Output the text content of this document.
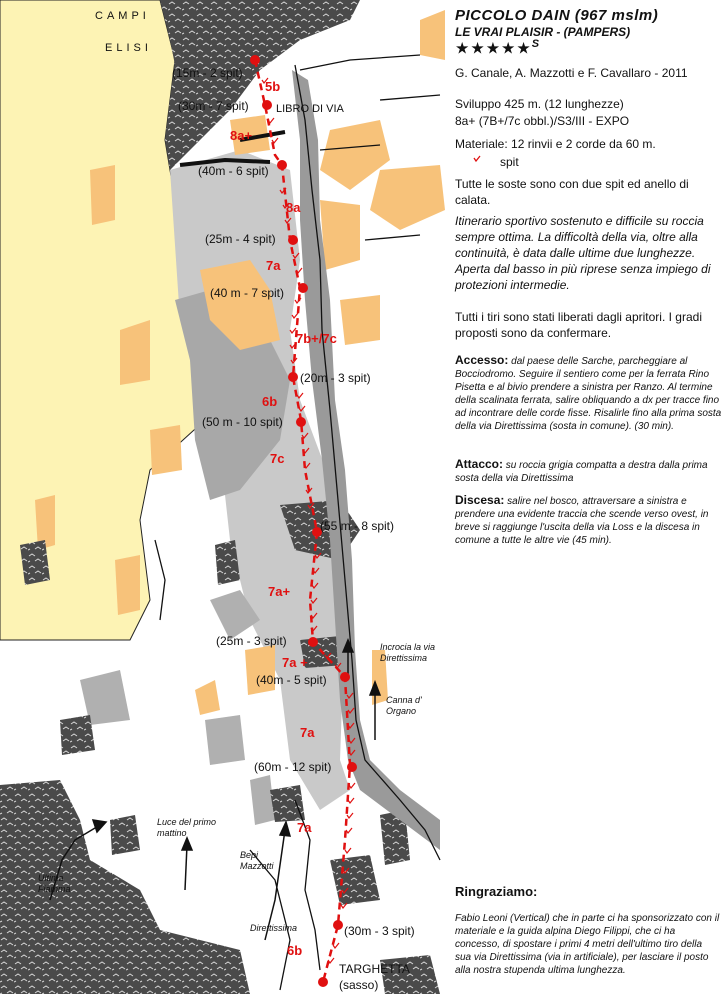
CAMPI
ELISI
LIBRO DI VIA
(15m - 2 spit)
(30m - 7 spit)
(40m - 6 spit)
(25m - 4 spit)
(40 m - 7 spit)
(20m - 3 spit)
(50 m - 10 spit)
(55 m - 8 spit)
(25m - 3 spit)
(40m - 5 spit)
(60m - 12 spit)
(30m - 3 spit)
TARGHETTA
(sasso)
5b
8a+
8a
7a
7b+/7c
6b
7c
7a+
7a +
7a
7a
6b
Incrocia la via Direttissima
Canna d' Organo
Luce del primo mattino
Bepi Mazzotti
Ultima Fiamma
Direttissima
PICCOLO DAIN (967 mslm)
LE VRAI PLAISIR - (PAMPERS)
★★★★★$^S$
G. Canale, A. Mazzotti e F. Cavallaro - 2011
Sviluppo 425 m. (12 lunghezze)
8a+ (7B+/7c obbl.)/S3/III - EXPO
Materiale: 12 rinvii e 2 corde da 60 m.
spit
Tutte le soste sono con due spit ed anello di calata.
Itinerario sportivo sostenuto e difficile su roccia sempre ottima. La difficoltà della via, oltre alla continuità, è data dalle ultime due lunghezze. Aperta dal basso in più riprese senza impiego di protezioni intermedie.
Tutti i tiri sono stati liberati dagli apritori. I gradi proposti sono da confermare.
Accesso: dal paese delle Sarche, parcheggiare al Bocciodromo. Seguire il sentiero come per la ferrata Rino Pisetta e al bivio prendere a sinistra per Ranzo. Al termine della scalinata ferrata, salire obliquando a dx per tracce fino ad incontrare delle corde fisse. Risalirle fino alla prima sosta della via Direttissima (sosta in comune). (30 min).
Attacco: su roccia grigia compatta a destra dalla prima sosta della via Direttissima
Discesa: salire nel bosco, attraversare a sinistra e prendere una evidente traccia che scende verso ovest, in breve si raggiunge l'uscita della via Loss e la discesa in comune a tutte le altre vie (45 min).
Ringraziamo:
Fabio Leoni (Vertical) che in parte ci ha sponsorizzato con il materiale e la guida alpina Diego Filippi, che ci ha concesso, di spostare i primi 4 metri dell'ultimo tiro della sua via Direttissima (via in artificiale), per lasciare il posto alla nostra stupenda ultima lunghezza.
